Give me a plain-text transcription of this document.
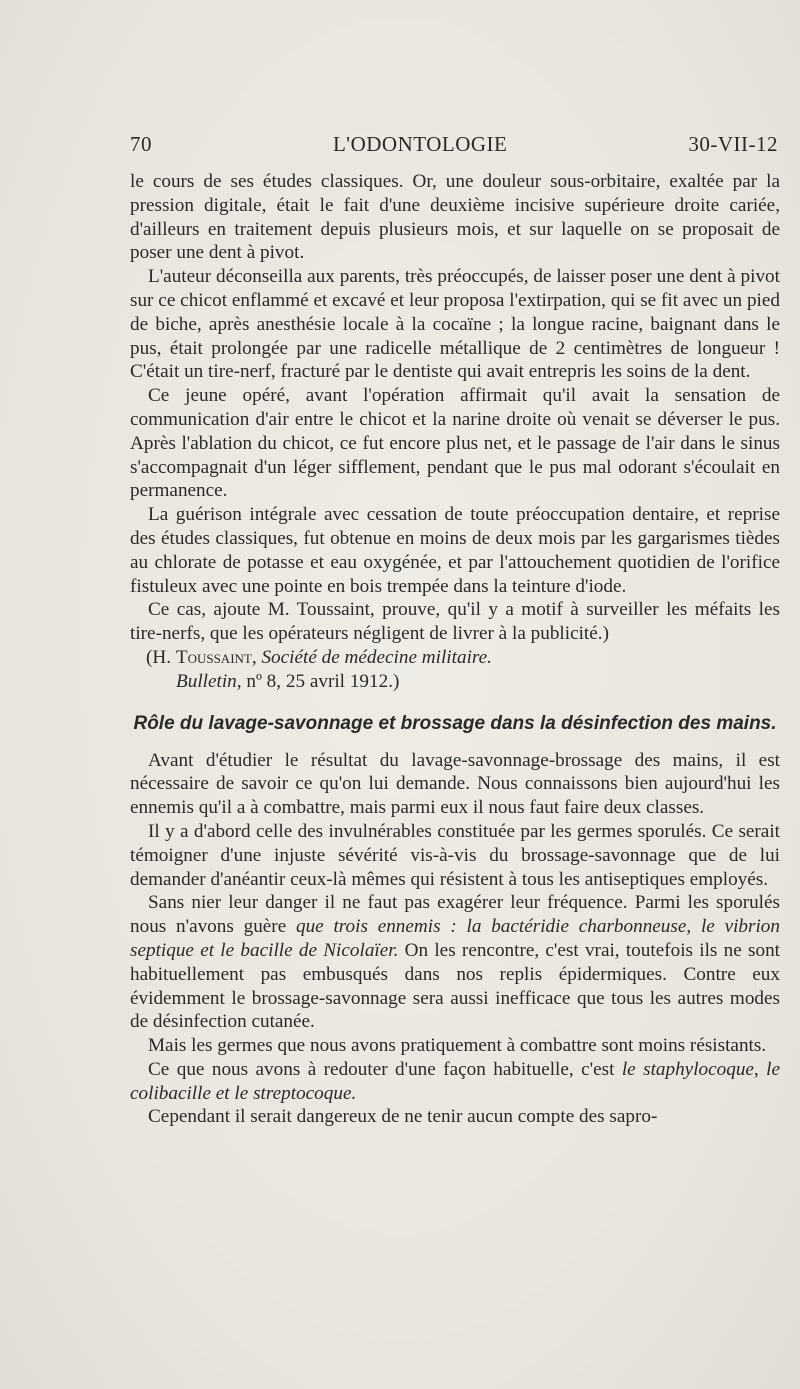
70	L'ODONTOLOGIE	30-VII-12

le cours de ses études classiques. Or, une douleur sous-orbitaire, exaltée par la pression digitale, était le fait d'une deuxième incisive supérieure droite cariée, d'ailleurs en traitement depuis plusieurs mois, et sur laquelle on se proposait de poser une dent à pivot.

L'auteur déconseilla aux parents, très préoccupés, de laisser poser une dent à pivot sur ce chicot enflammé et excavé et leur proposa l'extirpation, qui se fit avec un pied de biche, après anesthésie locale à la cocaïne ; la longue racine, baignant dans le pus, était prolongée par une radicelle métallique de 2 centimètres de longueur ! C'était un tire-nerf, fracturé par le dentiste qui avait entrepris les soins de la dent.

Ce jeune opéré, avant l'opération affirmait qu'il avait la sensation de communication d'air entre le chicot et la narine droite où venait se déverser le pus. Après l'ablation du chicot, ce fut encore plus net, et le passage de l'air dans le sinus s'accompagnait d'un léger sifflement, pendant que le pus mal odorant s'écoulait en permanence.

La guérison intégrale avec cessation de toute préoccupation dentaire, et reprise des études classiques, fut obtenue en moins de deux mois par les gargarismes tièdes au chlorate de potasse et eau oxygénée, et par l'attouchement quotidien de l'orifice fistuleux avec une pointe en bois trempée dans la teinture d'iode.

Ce cas, ajoute M. Toussaint, prouve, qu'il y a motif à surveiller les méfaits les tire-nerfs, que les opérateurs négligent de livrer à la publicité.)

(H. Toussaint, Société de médecine militaire.

Bulletin, nº 8, 25 avril 1912.)

Rôle du lavage-savonnage et brossage dans la désinfection des mains.

Avant d'étudier le résultat du lavage-savonnage-brossage des mains, il est nécessaire de savoir ce qu'on lui demande. Nous connaissons bien aujourd'hui les ennemis qu'il a à combattre, mais parmi eux il nous faut faire deux classes.

Il y a d'abord celle des invulnérables constituée par les germes sporulés. Ce serait témoigner d'une injuste sévérité vis-à-vis du brossage-savonnage que de lui demander d'anéantir ceux-là mêmes qui résistent à tous les antiseptiques employés.

Sans nier leur danger il ne faut pas exagérer leur fréquence. Parmi les sporulés nous n'avons guère que trois ennemis : la bactéridie charbonneuse, le vibrion septique et le bacille de Nicolaïer. On les rencontre, c'est vrai, toutefois ils ne sont habituellement pas embusqués dans nos replis épidermiques. Contre eux évidemment le brossage-savonnage sera aussi inefficace que tous les autres modes de désinfection cutanée.

Mais les germes que nous avons pratiquement à combattre sont moins résistants.

Ce que nous avons à redouter d'une façon habituelle, c'est le staphylocoque, le colibacille et le streptocoque.

Cependant il serait dangereux de ne tenir aucun compte des sapro-
